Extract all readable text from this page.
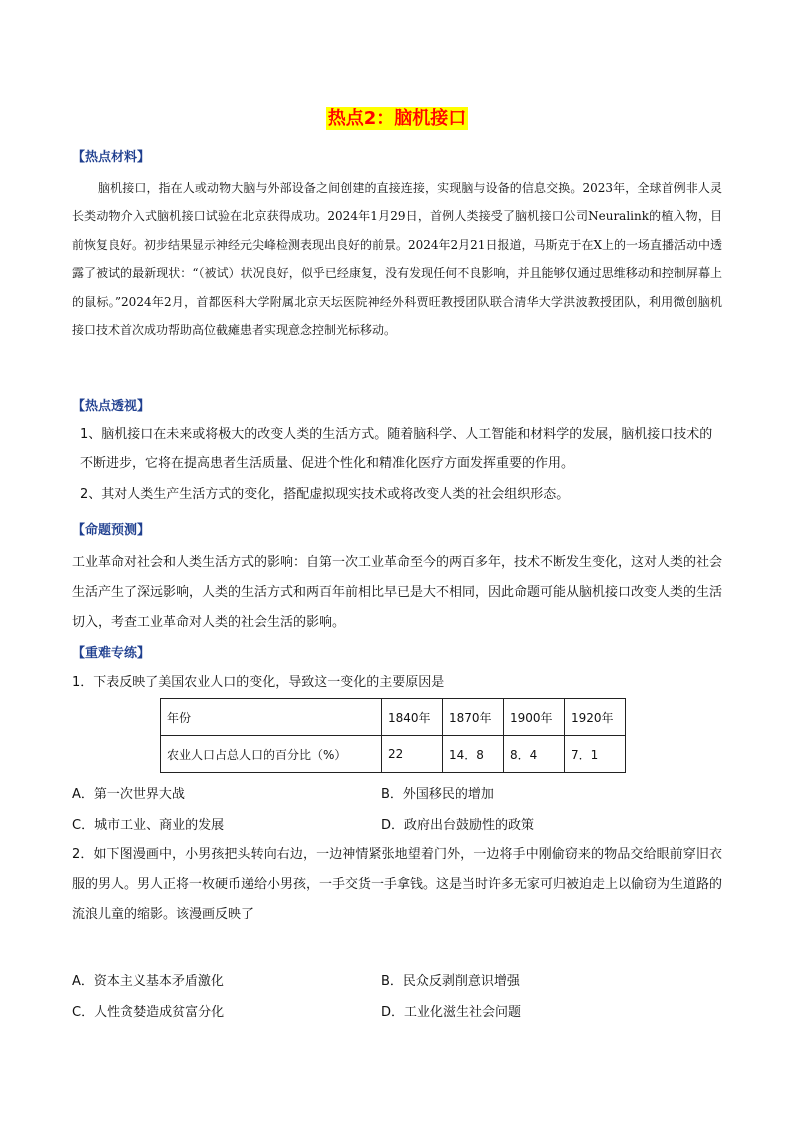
热点2：脑机接口
【热点材料】
脑机接口，指在人或动物大脑与外部设备之间创建的直接连接，实现脑与设备的信息交换。2023年，全球首例非人灵长类动物介入式脑机接口试验在北京获得成功。2024年1月29日，首例人类接受了脑机接口公司Neuralink的植入物，目前恢复良好。初步结果显示神经元尖峰检测表现出良好的前景。2024年2月21日报道，马斯克于在X上的一场直播活动中透露了被试的最新现状：“（被试）状况良好，似乎已经康复，没有发现任何不良影响，并且能够仅通过思维移动和控制屏幕上的鼠标。”2024年2月，首都医科大学附属北京天坛医院神经外科贾旺教授团队联合清华大学洪波教授团队，利用微创脑机接口技术首次成功帮助高位截瘫患者实现意念控制光标移动。
【热点透视】
1、脑机接口在未来或将极大的改变人类的生活方式。随着脑科学、人工智能和材料学的发展，脑机接口技术的不断进步，它将在提高患者生活质量、促进个性化和精准化医疗方面发挥重要的作用。
2、其对人类生产生活方式的变化，搭配虚拟现实技术或将改变人类的社会组织形态。
【命题预测】
工业革命对社会和人类生活方式的影响：自第一次工业革命至今的两百多年，技术不断发生变化，这对人类的社会生活产生了深远影响，人类的生活方式和两百年前相比早已是大不相同，因此命题可能从脑机接口改变人类的生活切入，考查工业革命对人类的社会生活的影响。
【重难专练】
1．下表反映了美国农业人口的变化，导致这一变化的主要原因是
年份	1840年	1870年	1900年	1920年
农业人口占总人口的百分比（%）	22	14．8	8．4	7．1
A．第一次世界大战	B．外国移民的增加
C．城市工业、商业的发展	D．政府出台鼓励性的政策
2．如下图漫画中，小男孩把头转向右边，一边神情紧张地望着门外，一边将手中刚偷窃来的物品交给眼前穿旧衣服的男人。男人正将一枚硬币递给小男孩，一手交货一手拿钱。这是当时许多无家可归被迫走上以偷窃为生道路的流浪儿童的缩影。该漫画反映了
A．资本主义基本矛盾激化	B．民众反剥削意识增强
C．人性贪婪造成贫富分化	D．工业化滋生社会问题
